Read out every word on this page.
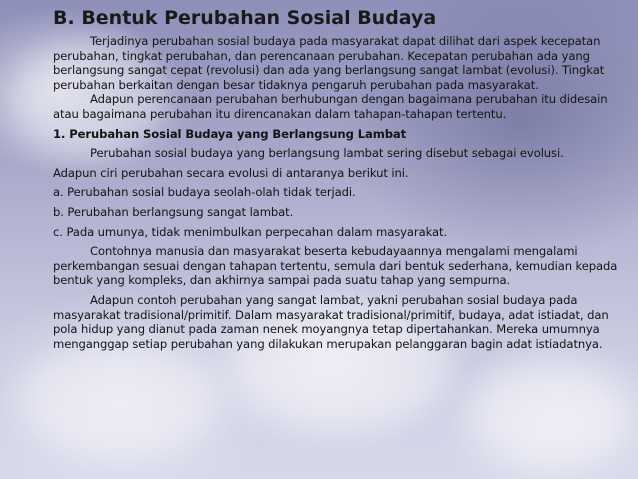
B. Bentuk Perubahan Sosial Budaya

Terjadinya perubahan sosial budaya pada masyarakat dapat dilihat dari aspek kecepatan perubahan, tingkat perubahan, dan perencanaan perubahan. Kecepatan perubahan ada yang berlangsung sangat cepat (revolusi) dan ada yang berlangsung sangat lambat (evolusi). Tingkat perubahan berkaitan dengan besar tidaknya pengaruh perubahan pada masyarakat.

Adapun perencanaan perubahan berhubungan dengan bagaimana perubahan itu didesain atau bagaimana perubahan itu direncanakan dalam tahapan-tahapan tertentu.

1. Perubahan Sosial Budaya yang Berlangsung Lambat

Perubahan sosial budaya yang berlangsung lambat sering disebut sebagai evolusi.

Adapun ciri perubahan secara evolusi di antaranya berikut ini.

a. Perubahan sosial budaya seolah-olah tidak terjadi.

b. Perubahan berlangsung sangat lambat.

c. Pada umunya, tidak menimbulkan perpecahan dalam masyarakat.

Contohnya manusia dan masyarakat beserta kebudayaannya mengalami mengalami perkembangan sesuai dengan tahapan tertentu, semula dari bentuk sederhana, kemudian kepada bentuk yang kompleks, dan akhirnya sampai pada suatu tahap yang sempurna.

Adapun contoh perubahan yang sangat lambat, yakni perubahan sosial budaya pada masyarakat tradisional/primitif. Dalam masyarakat tradisional/primitif, budaya, adat istiadat, dan pola hidup yang dianut pada zaman nenek moyangnya tetap dipertahankan. Mereka umumnya menganggap setiap perubahan yang dilakukan merupakan pelanggaran bagin adat istiadatnya.
